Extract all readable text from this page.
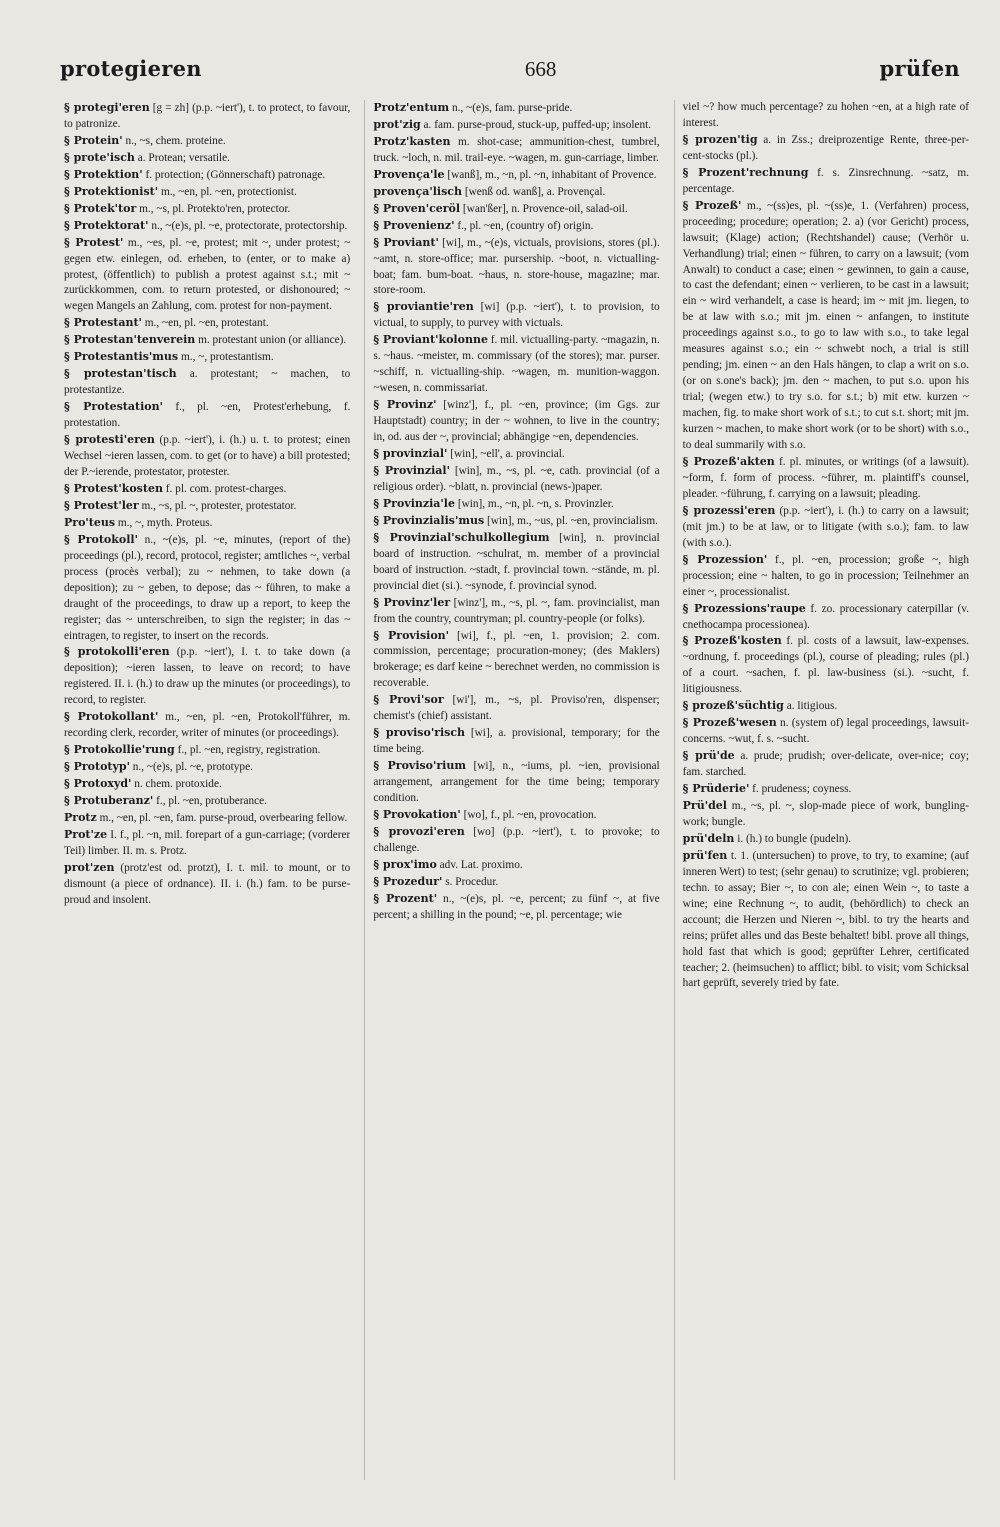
protegieren	668	prüfen

§ protegi'eren [g = zh] (p.p. ~iert'), t. to protect, to favour, to patronize.

§ Protein' n., ~s, chem. proteine.

§ prote'isch a. Protean; versatile.

§ Protektion' f. protection; (Gönnerschaft) patronage.

§ Protektionist' m., ~en, pl. ~en, protectionist.

§ Protek'tor m., ~s, pl. Protekto'ren, protector.

§ Protektorat' n., ~(e)s, pl. ~e, protectorate, protectorship.

§ Protest' m., ~es, pl. ~e, protest; mit ~, under protest; ~ gegen etw. einlegen, od. erheben, to (enter, or to make a) protest, (öffentlich) to publish a protest against s.t.; mit ~ zurückkommen, com. to return protested, or dishonoured; ~ wegen Mangels an Zahlung, com. protest for non-payment.

§ Protestant' m., ~en, pl. ~en, protestant.

§ Protestan'tenverein m. protestant union (or alliance).

§ Protestantis'mus m., ~, protestantism.

§ protestan'tisch a. protestant; ~ machen, to protestantize.

§ Protestation' f., pl. ~en, Protest'erhebung, f. protestation.

§ protesti'eren (p.p. ~iert'), i. (h.) u. t. to protest; einen Wechsel ~ieren lassen, com. to get (or to have) a bill protested; der P.~ierende, protestator, protester.

§ Protest'kosten f. pl. com. protest-charges.

§ Protest'ler m., ~s, pl. ~, protester, protestator.

Pro'teus m., ~, myth. Proteus.

§ Protokoll' n., ~(e)s, pl. ~e, minutes, (report of the) proceedings (pl.), record, protocol, register; amtliches ~, verbal process (procès verbal); zu ~ nehmen, to take down (a deposition); zu ~ geben, to depose; das ~ führen, to make a draught of the proceedings, to draw up a report, to keep the register; das ~ unterschreiben, to sign the register; in das ~ eintragen, to register, to insert on the records.

§ protokolli'eren (p.p. ~iert'), I. t. to take down (a deposition); ~ieren lassen, to leave on record; to have registered. II. i. (h.) to draw up the minutes (or proceedings), to record, to register.

§ Protokollant' m., ~en, pl. ~en, Protokoll'führer, m. recording clerk, recorder, writer of minutes (or proceedings).

§ Protokollie'rung f., pl. ~en, registry, registration.

§ Prototyp' n., ~(e)s, pl. ~e, prototype.

§ Protoxyd' n. chem. protoxide.

§ Protuberanz' f., pl. ~en, protuberance.

Protz m., ~en, pl. ~en, fam. purse-proud, overbearing fellow.

Prot'ze I. f., pl. ~n, mil. forepart of a gun-carriage; (vorderer Teil) limber. II. m. s. Protz.

prot'zen (protz'est od. protzt), I. t. mil. to mount, or to dismount (a piece of ordnance). II. i. (h.) fam. to be purse-proud and insolent.

Protz'entum n., ~(e)s, fam. purse-pride.

prot'zig a. fam. purse-proud, stuck-up, puffed-up; insolent.

Protz'kasten m. shot-case; ammunition-chest, tumbrel, truck. ~loch, n. mil. trail-eye. ~wagen, m. gun-carriage, limber.

Provença'le [wanß], m., ~n, pl. ~n, inhabitant of Provence.

provença'lisch [wenß od. wanß], a. Provençal.

§ Proven'ceröl [wan'ßer], n. Provence-oil, salad-oil.

§ Provenienz' f., pl. ~en, (country of) origin.

§ Proviant' [wi], m., ~(e)s, victuals, provisions, stores (pl.). ~amt, n. store-office; mar. pursership. ~boot, n. victualling-boat; fam. bum-boat. ~haus, n. store-house, magazine; mar. store-room.

§ proviantie'ren [wi] (p.p. ~iert'), t. to provision, to victual, to supply, to purvey with victuals.

§ Proviant'kolonne f. mil. victualling-party. ~magazin, n. s. ~haus. ~meister, m. commissary (of the stores); mar. purser. ~schiff, n. victualling-ship. ~wagen, m. munition-waggon. ~wesen, n. commissariat.

§ Provinz' [winz'], f., pl. ~en, province; (im Ggs. zur Hauptstadt) country; in der ~ wohnen, to live in the country; in, od. aus der ~, provincial; abhängige ~en, dependencies.

§ provinzial' [win], ~ell', a. provincial.

§ Provinzial' [win], m., ~s, pl. ~e, cath. provincial (of a religious order). ~blatt, n. provincial (news-)paper.

§ Provinzia'le [win], m., ~n, pl. ~n, s. Provinzler.

§ Provinzialis'mus [win], m., ~us, pl. ~en, provincialism.

§ Provinzial'schulkollegium [win], n. provincial board of instruction. ~schulrat, m. member of a provincial board of instruction. ~stadt, f. provincial town. ~stände, m. pl. provincial diet (si.). ~synode, f. provincial synod.

§ Provinz'ler [winz'], m., ~s, pl. ~, fam. provincialist, man from the country, countryman; pl. country-people (or folks).

§ Provision' [wi], f., pl. ~en, 1. provision; 2. com. commission, percentage; procuration-money; (des Maklers) brokerage; es darf keine ~ berechnet werden, no commission is recoverable.

§ Provi'sor [wi'], m., ~s, pl. Proviso'ren, dispenser; chemist's (chief) assistant.

§ proviso'risch [wi], a. provisional, temporary; for the time being.

§ Proviso'rium [wi], n., ~iums, pl. ~ien, provisional arrangement, arrangement for the time being; temporary condition.

§ Provokation' [wo], f., pl. ~en, provocation.

§ provozi'eren [wo] (p.p. ~iert'), t. to provoke; to challenge.

§ prox'imo adv. Lat. proximo.

§ Prozedur' s. Procedur.

§ Prozent' n., ~(e)s, pl. ~e, percent; zu fünf ~, at five percent; a shilling in the pound; ~e, pl. percentage; wie

viel ~? how much percentage? zu hohen ~en, at a high rate of interest.

§ prozen'tig a. in Zss.; dreiprozentige Rente, three-per-cent-stocks (pl.).

§ Prozent'rechnung f. s. Zinsrechnung. ~satz, m. percentage.

§ Prozeß' m., ~(ss)es, pl. ~(ss)e, 1. (Verfahren) process, proceeding; procedure; operation; 2. a) (vor Gericht) process, lawsuit; (Klage) action; (Rechtshandel) cause; (Verhör u. Verhandlung) trial; einen ~ führen, to carry on a lawsuit; (vom Anwalt) to conduct a case; einen ~ gewinnen, to gain a cause, to cast the defendant; einen ~ verlieren, to be cast in a lawsuit; ein ~ wird verhandelt, a case is heard; im ~ mit jm. liegen, to be at law with s.o.; mit jm. einen ~ anfangen, to institute proceedings against s.o., to go to law with s.o., to take legal measures against s.o.; ein ~ schwebt noch, a trial is still pending; jm. einen ~ an den Hals hängen, to clap a writ on s.o. (or on s.one's back); jm. den ~ machen, to put s.o. upon his trial; (wegen etw.) to try s.o. for s.t.; b) mit etw. kurzen ~ machen, fig. to make short work of s.t.; to cut s.t. short; mit jm. kurzen ~ machen, to make short work (or to be short) with s.o., to deal summarily with s.o.

§ Prozeß'akten f. pl. minutes, or writings (of a lawsuit). ~form, f. form of process. ~führer, m. plaintiff's counsel, pleader. ~führung, f. carrying on a lawsuit; pleading.

§ prozessi'eren (p.p. ~iert'), i. (h.) to carry on a lawsuit; (mit jm.) to be at law, or to litigate (with s.o.); fam. to law (with s.o.).

§ Prozession' f., pl. ~en, procession; große ~, high procession; eine ~ halten, to go in procession; Teilnehmer an einer ~, processionalist.

§ Prozessions'raupe f. zo. processionary caterpillar (v. cnethocampa processionea).

§ Prozeß'kosten f. pl. costs of a lawsuit, law-expenses. ~ordnung, f. proceedings (pl.), course of pleading; rules (pl.) of a court. ~sachen, f. pl. law-business (si.). ~sucht, f. litigiousness.

§ prozeß'süchtig a. litigious.

§ Prozeß'wesen n. (system of) legal proceedings, lawsuit-concerns. ~wut, f. s. ~sucht.

§ prü'de a. prude; prudish; over-delicate, over-nice; coy; fam. starched.

§ Prüderie' f. prudeness; coyness.

Prü'del m., ~s, pl. ~, slop-made piece of work, bungling-work; bungle.

prü'deln i. (h.) to bungle (pudeln).

prü'fen t. 1. (untersuchen) to prove, to try, to examine; (auf inneren Wert) to test; (sehr genau) to scrutinize; vgl. probieren; techn. to assay; Bier ~, to con ale; einen Wein ~, to taste a wine; eine Rechnung ~, to audit, (behördlich) to check an account; die Herzen und Nieren ~, bibl. to try the hearts and reins; prüfet alles und das Beste behaltet! bibl. prove all things, hold fast that which is good; geprüfter Lehrer, certificated teacher; 2. (heimsuchen) to afflict; bibl. to visit; vom Schicksal hart geprüft, severely tried by fate.
